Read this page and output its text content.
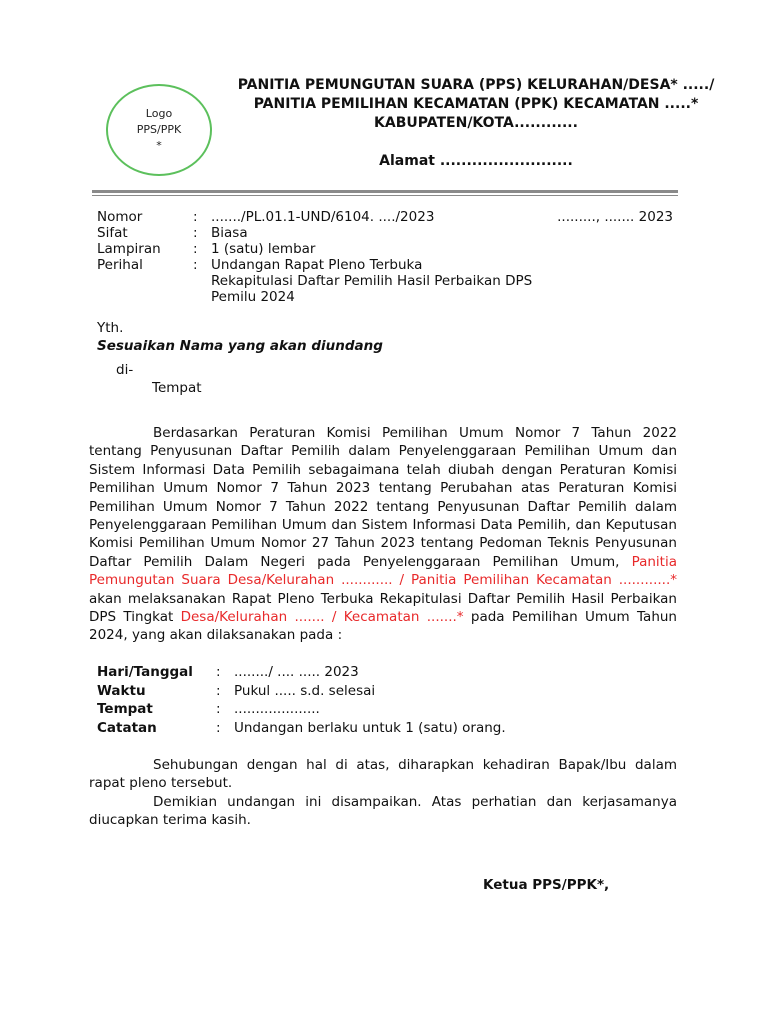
Logo
PPS/PPK
*
PANITIA PEMUNGUTAN SUARA (PPS) KELURAHAN/DESA* ...../
PANITIA PEMILIHAN KECAMATAN (PPK) KECAMATAN .....*
KABUPATEN/KOTA............
Alamat .........................
........., ....... 2023
Nomor	: ......./PL.01.1-UND/6104. ..../2023
Sifat	: Biasa
Lampiran	: 1 (satu) lembar
Perihal	: Undangan Rapat Pleno Terbuka
Rekapitulasi Daftar Pemilih Hasil Perbaikan DPS
Pemilu 2024
Yth.
Sesuaikan Nama yang akan diundang
di-
Tempat
Berdasarkan Peraturan Komisi Pemilihan Umum Nomor 7 Tahun 2022 tentang Penyusunan Daftar Pemilih dalam Penyelenggaraan Pemilihan Umum dan Sistem Informasi Data Pemilih sebagaimana telah diubah dengan Peraturan Komisi Pemilihan Umum Nomor 7 Tahun 2023 tentang Perubahan atas Peraturan Komisi Pemilihan Umum Nomor 7 Tahun 2022 tentang Penyusunan Daftar Pemilih dalam Penyelenggaraan Pemilihan Umum dan Sistem Informasi Data Pemilih, dan Keputusan Komisi Pemilihan Umum Nomor 27 Tahun 2023 tentang Pedoman Teknis Penyusunan Daftar Pemilih Dalam Negeri pada Penyelenggaraan Pemilihan Umum, Panitia Pemungutan Suara Desa/Kelurahan ............ / Panitia Pemilihan Kecamatan ............* akan melaksanakan Rapat Pleno Terbuka Rekapitulasi Daftar Pemilih Hasil Perbaikan DPS Tingkat Desa/Kelurahan ....... / Kecamatan .......* pada Pemilihan Umum Tahun 2024, yang akan dilaksanakan pada :
Hari/Tanggal	: ......../ .... ..... 2023
Waktu	: Pukul ..... s.d. selesai
Tempat	: ....................
Catatan	: Undangan berlaku untuk 1 (satu) orang.
Sehubungan dengan hal di atas, diharapkan kehadiran Bapak/Ibu dalam rapat pleno tersebut.
Demikian undangan ini disampaikan. Atas perhatian dan kerjasamanya diucapkan terima kasih.
Ketua PPS/PPK*,
